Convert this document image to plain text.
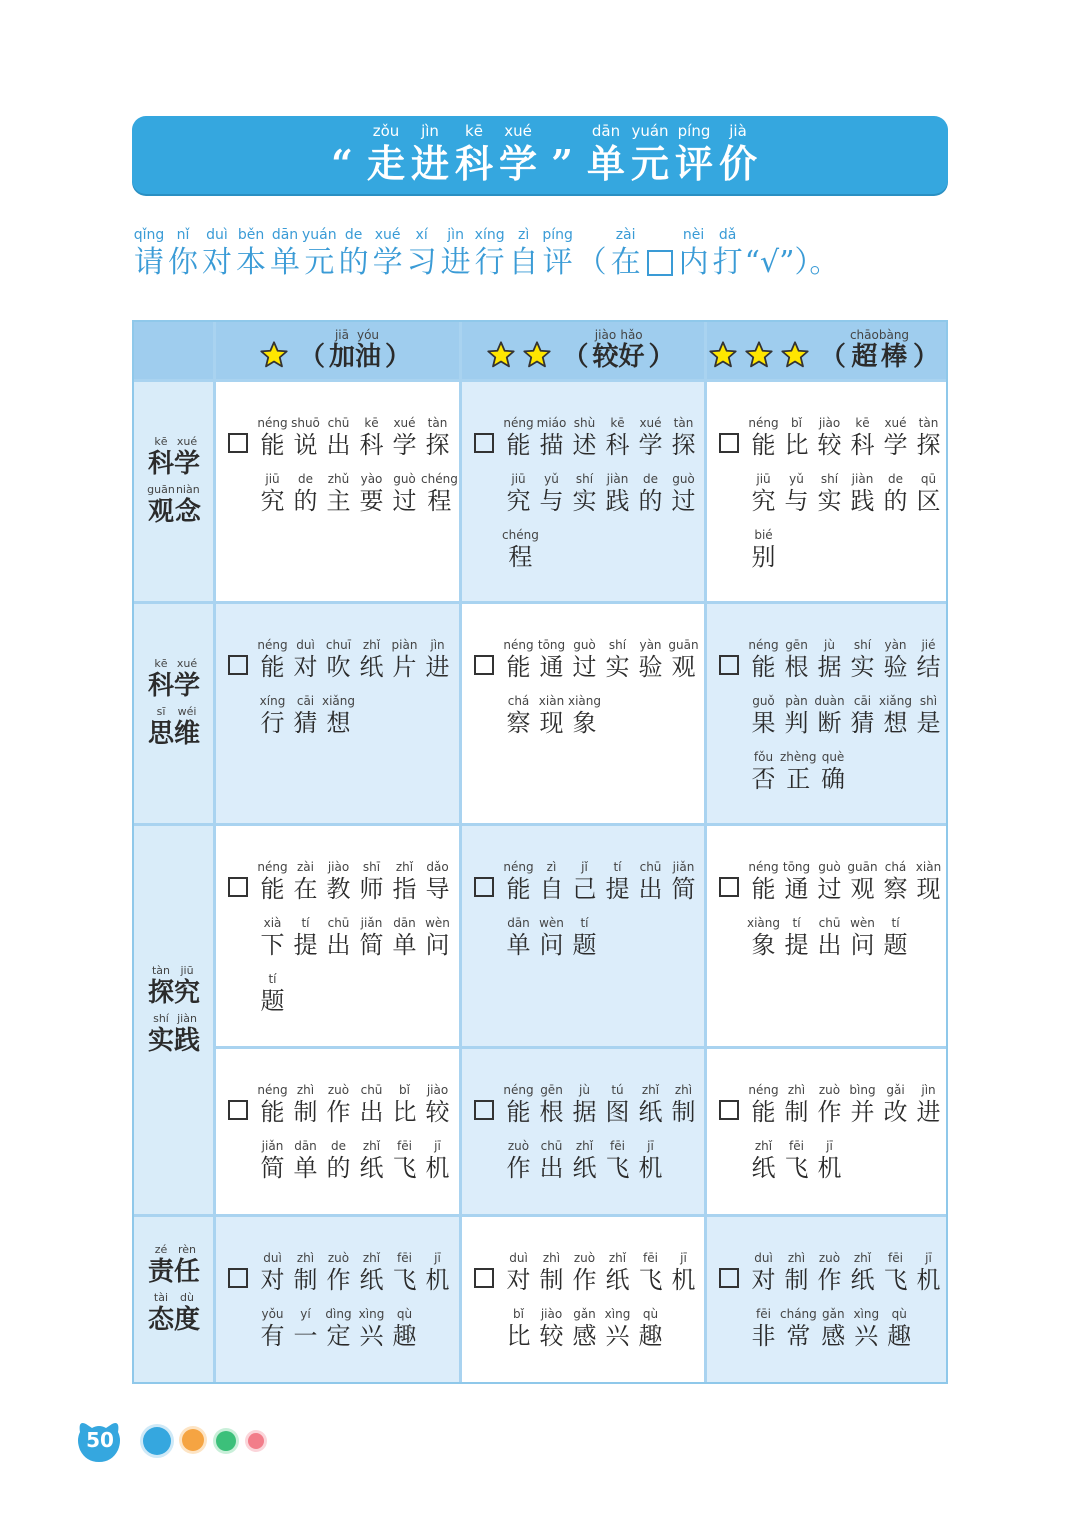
“
zǒu
走
jìn
进
kē
科
xué
学 ”
dān
单
yuán
元
píng
评
jià
价
qǐng
请
nǐ
你
duì
对
běn
本
dān
单
yuán
元
de
的
xué
学
xí
习
jìn
进
xíng
行
zì
自
píng
评 （
zài
在
nèi
内
dǎ
打 “√” ）。
（
jiā
加
yóu
油 ）	（
jiào
较
hǎo
好 ）	（
chāo
超
bàng
棒 ）
kē
科
xué
学
guān
观
niàn
念
kē
科
xué
学
sī
思
wéi
维
tàn
探
jiū
究
shí
实
jiàn
践
zé
责
rèn
任
tài
态
dù
度
néng
能
shuō
说
chū
出
kē
科
xué
学
tàn
探
jiū
究
de
的
zhǔ
主
yào
要
guò
过
chéng
程
néng
能
miáo
描
shù
述
kē
科
xué
学
tàn
探
jiū
究
yǔ
与
shí
实
jiàn
践
de
的
guò
过
chéng
程
néng
能
bǐ
比
jiào
较
kē
科
xué
学
tàn
探
jiū
究
yǔ
与
shí
实
jiàn
践
de
的
qū
区
bié
别
néng
能
duì
对
chuī
吹
zhǐ
纸
piàn
片
jìn
进
xíng
行
cāi
猜
xiǎng
想
néng
能
tōng
通
guò
过
shí
实
yàn
验
guān
观
chá
察
xiàn
现
xiàng
象
néng
能
gēn
根
jù
据
shí
实
yàn
验
jié
结
guǒ
果
pàn
判
duàn
断
cāi
猜
xiǎng
想
shì
是
fǒu
否
zhèng
正
què
确
néng
能
zài
在
jiào
教
shī
师
zhǐ
指
dǎo
导
xià
下
tí
提
chū
出
jiǎn
简
dān
单
wèn
问
tí
题
néng
能
zì
自
jǐ
己
tí
提
chū
出
jiǎn
简
dān
单
wèn
问
tí
题
néng
能
tōng
通
guò
过
guān
观
chá
察
xiàn
现
xiàng
象
tí
提
chū
出
wèn
问
tí
题
néng
能
zhì
制
zuò
作
chū
出
bǐ
比
jiào
较
jiǎn
简
dān
单
de
的
zhǐ
纸
fēi
飞
jī
机
néng
能
gēn
根
jù
据
tú
图
zhǐ
纸
zhì
制
zuò
作
chū
出
zhǐ
纸
fēi
飞
jī
机
néng
能
zhì
制
zuò
作
bìng
并
gǎi
改
jìn
进
zhǐ
纸
fēi
飞
jī
机
duì
对
zhì
制
zuò
作
zhǐ
纸
fēi
飞
jī
机
yǒu
有
yí
一
dìng
定
xìng
兴
qù
趣
duì
对
zhì
制
zuò
作
zhǐ
纸
fēi
飞
jī
机
bǐ
比
jiào
较
gǎn
感
xìng
兴
qù
趣
duì
对
zhì
制
zuò
作
zhǐ
纸
fēi
飞
jī
机
fēi
非
cháng
常
gǎn
感
xìng
兴
qù
趣
50
